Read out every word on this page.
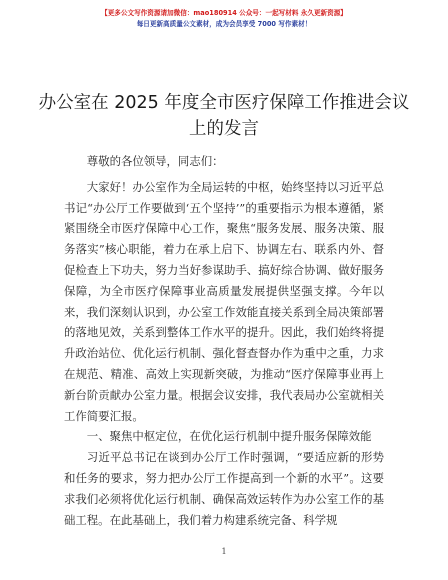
【更多公文写作资源请加微信：mao180914 公众号：一起写材料 永久更新资源】
每日更新高质量公文素材，成为会员享受 7000 写作素材！
办公室在 2025 年度全市医疗保障工作推进会议上的发言

尊敬的各位领导，同志们：

大家好！办公室作为全局运转的中枢，始终坚持以习近平总书记“办公厅工作要做到‘五个坚持’”的重要指示为根本遵循，紧紧围绕全市医疗保障中心工作，聚焦“服务发展、服务决策、服务落实”核心职能，着力在承上启下、协调左右、联系内外、督促检查上下功夫，努力当好参谋助手、搞好综合协调、做好服务保障，为全市医疗保障事业高质量发展提供坚强支撑。今年以来，我们深刻认识到，办公室工作效能直接关系到全局决策部署的落地见效，关系到整体工作水平的提升。因此，我们始终将提升政治站位、优化运行机制、强化督查督办作为重中之重，力求在规范、精准、高效上实现新突破，为推动“医疗保障事业再上新台阶贡献办公室力量。根据会议安排，我代表局办公室就相关工作简要汇报。

一、聚焦中枢定位，在优化运行机制中提升服务保障效能

习近平总书记在谈到办公厅工作时强调，“要适应新的形势和任务的要求，努力把办公厅工作提高到一个新的水平”。这要求我们必须将优化运行机制、确保高效运转作为办公室工作的基础工程。在此基础上，我们着力构建系统完备、科学规

1
